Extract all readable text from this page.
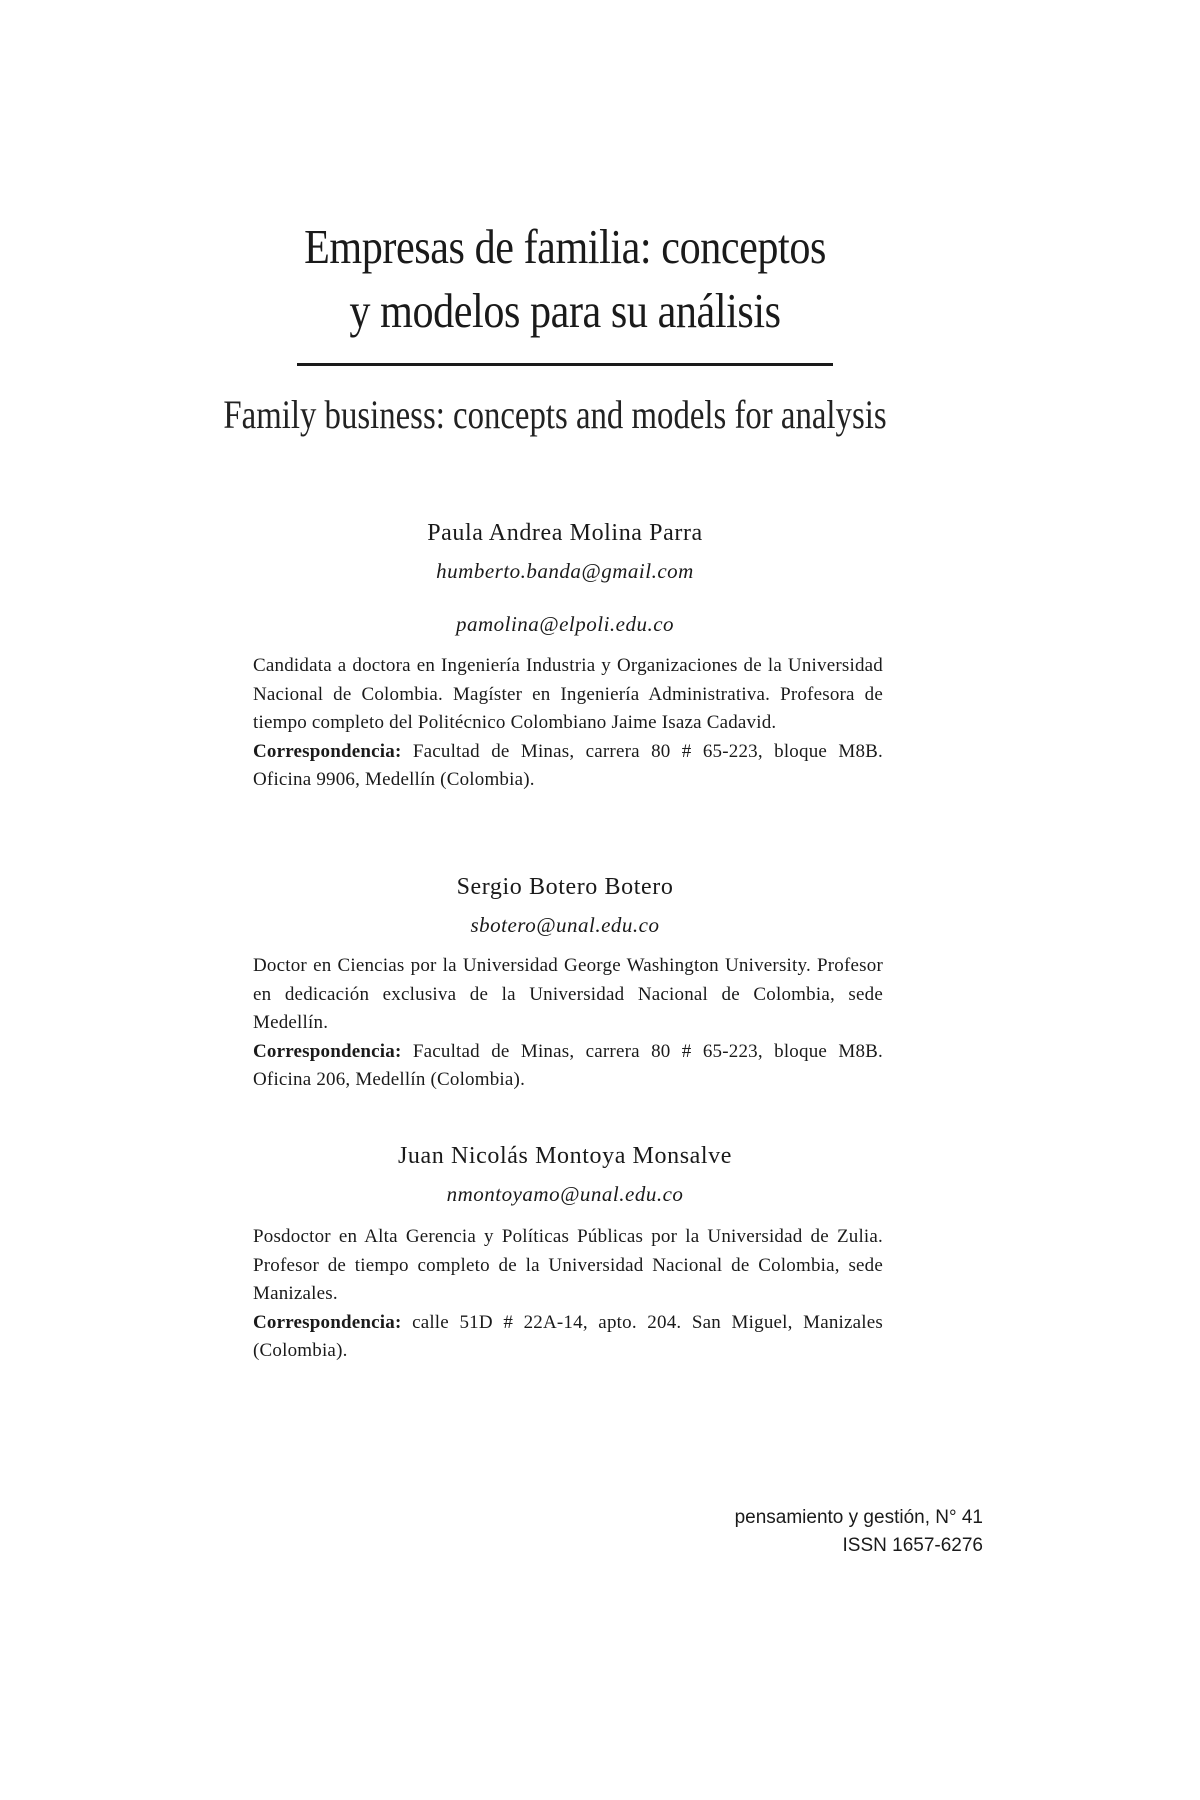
Empresas de familia: conceptos
y modelos para su análisis
Family business: concepts and models for analysis
Paula Andrea Molina Parra
humberto.banda@gmail.com
pamolina@elpoli.edu.co

Candidata a doctora en Ingeniería Industria y Organizaciones de la Universidad Nacional de Colombia. Magíster en Ingeniería Administrativa. Profesora de tiempo completo del Politécnico Colombiano Jaime Isaza Cadavid.

Correspondencia: Facultad de Minas, carrera 80 # 65-223, bloque M8B. Oficina 9906, Medellín (Colombia).

Sergio Botero Botero
sbotero@unal.edu.co

Doctor en Ciencias por la Universidad George Washington University. Profesor en dedicación exclusiva de la Universidad Nacional de Colombia, sede Medellín.

Correspondencia: Facultad de Minas, carrera 80 # 65-223, bloque M8B. Oficina 206, Medellín (Colombia).

Juan Nicolás Montoya Monsalve
nmontoyamo@unal.edu.co

Posdoctor en Alta Gerencia y Políticas Públicas por la Universidad de Zulia. Profesor de tiempo completo de la Universidad Nacional de Colombia, sede Manizales.

Correspondencia: calle 51D # 22A-14, apto. 204. San Miguel, Manizales (Colombia).

pensamiento y gestión, N° 41
ISSN 1657-6276
